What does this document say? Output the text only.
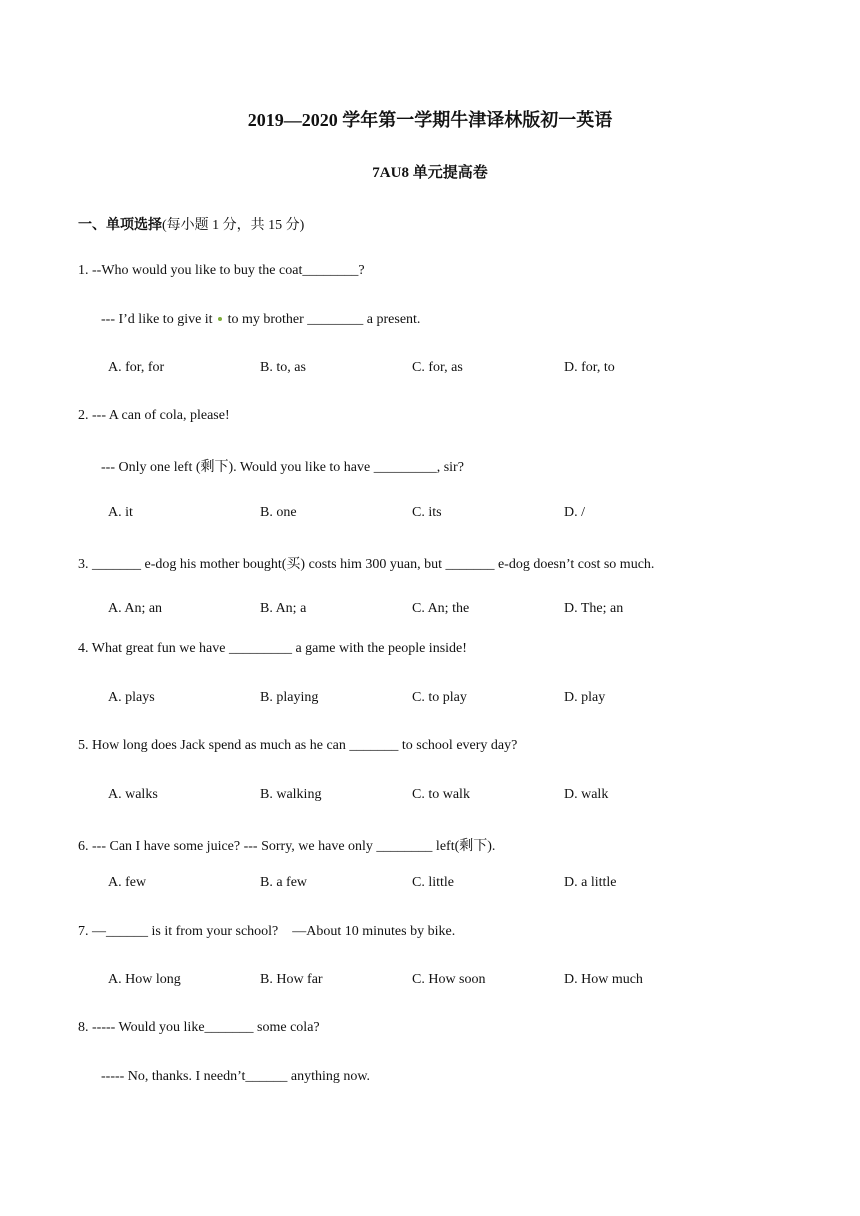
2019—2020 学年第一学期牛津译林版初一英语
7AU8 单元提高卷
一、单项选择(每小题 1 分，共 15 分)
1. --Who would you like to buy the coat________?
--- I’d like to give it  to my brother ________ a present.
A. for, for	B. to, as	C. for, as	D. for, to
2. --- A can of cola, please!
--- Only one left (剩下). Would you like to have _________, sir?
A. it	B. one	C. its	D. /
3. _______ e-dog his mother bought(买) costs him 300 yuan, but _______ e-dog doesn’t cost so much.
A. An; an	B. An; a	C. An; the	D. The; an
4. What great fun we have _________ a game with the people inside!
A. plays	B. playing	C. to play	D. play
5. How long does Jack spend as much as he can _______ to school every day?
A. walks	B. walking	C. to walk	D. walk
6. --- Can I have some juice? --- Sorry, we have only ________ left(剩下).
A. few	B. a few	C. little	D. a little
7. —______ is it from your school?    —About 10 minutes by bike.
A. How long	B. How far	C. How soon	D. How much
8. ----- Would you like_______ some cola?
----- No, thanks. I needn’t______ anything now.
